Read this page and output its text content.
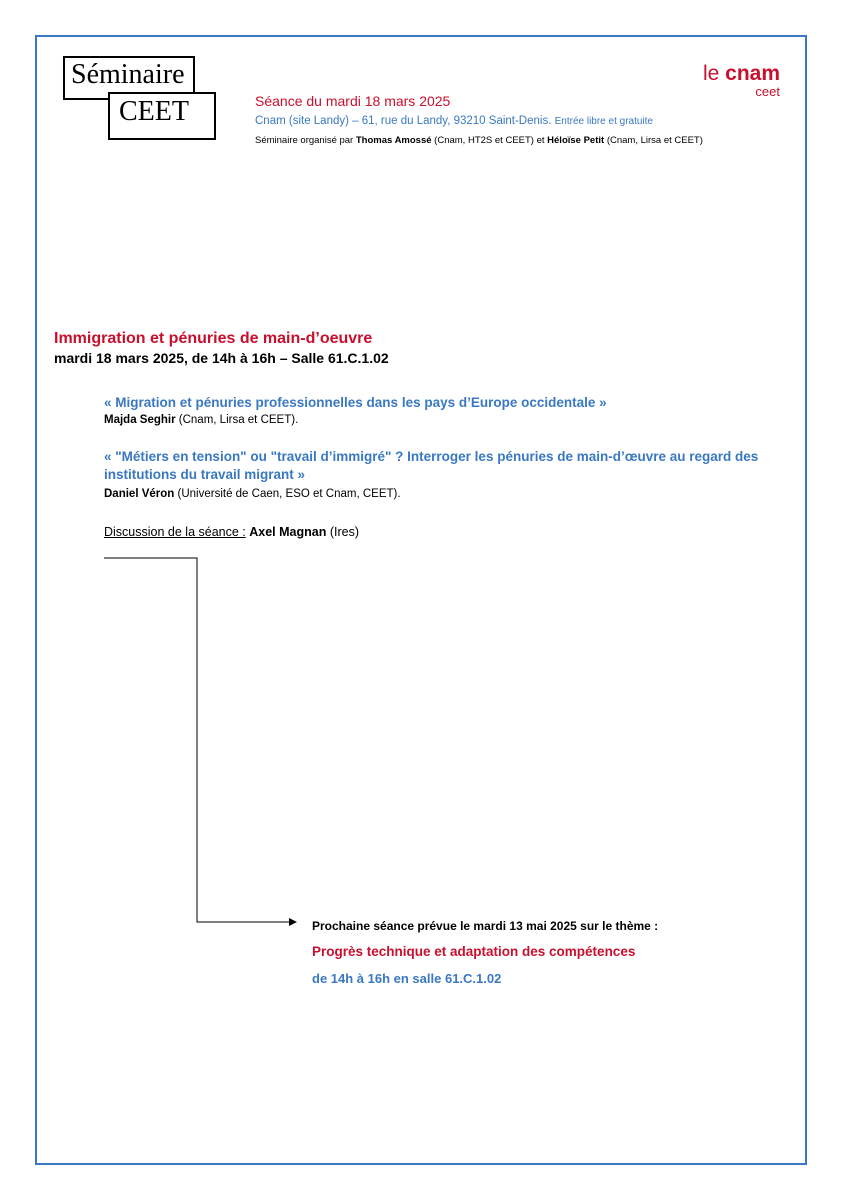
Séminaire
CEET
le cnam
ceet
Séance du mardi 18 mars 2025
Cnam (site Landy) – 61, rue du Landy, 93210 Saint-Denis. Entrée libre et gratuite
Séminaire organisé par Thomas Amossé (Cnam, HT2S et CEET) et Héloïse Petit (Cnam, Lirsa et CEET)
Immigration et pénuries de main-d’oeuvre
mardi 18 mars 2025, de 14h à 16h – Salle 61.C.1.02
« Migration et pénuries professionnelles dans les pays d’Europe occidentale »
Majda Seghir (Cnam, Lirsa et CEET).
« "Métiers en tension" ou "travail d’immigré" ? Interroger les pénuries de main-d’œuvre au regard des institutions du travail migrant »
Daniel Véron (Université de Caen, ESO et Cnam, CEET).
Discussion de la séance : Axel Magnan (Ires)
Prochaine séance prévue le mardi 13 mai 2025 sur le thème :
Progrès technique et adaptation des compétences
de 14h à 16h en salle 61.C.1.02
